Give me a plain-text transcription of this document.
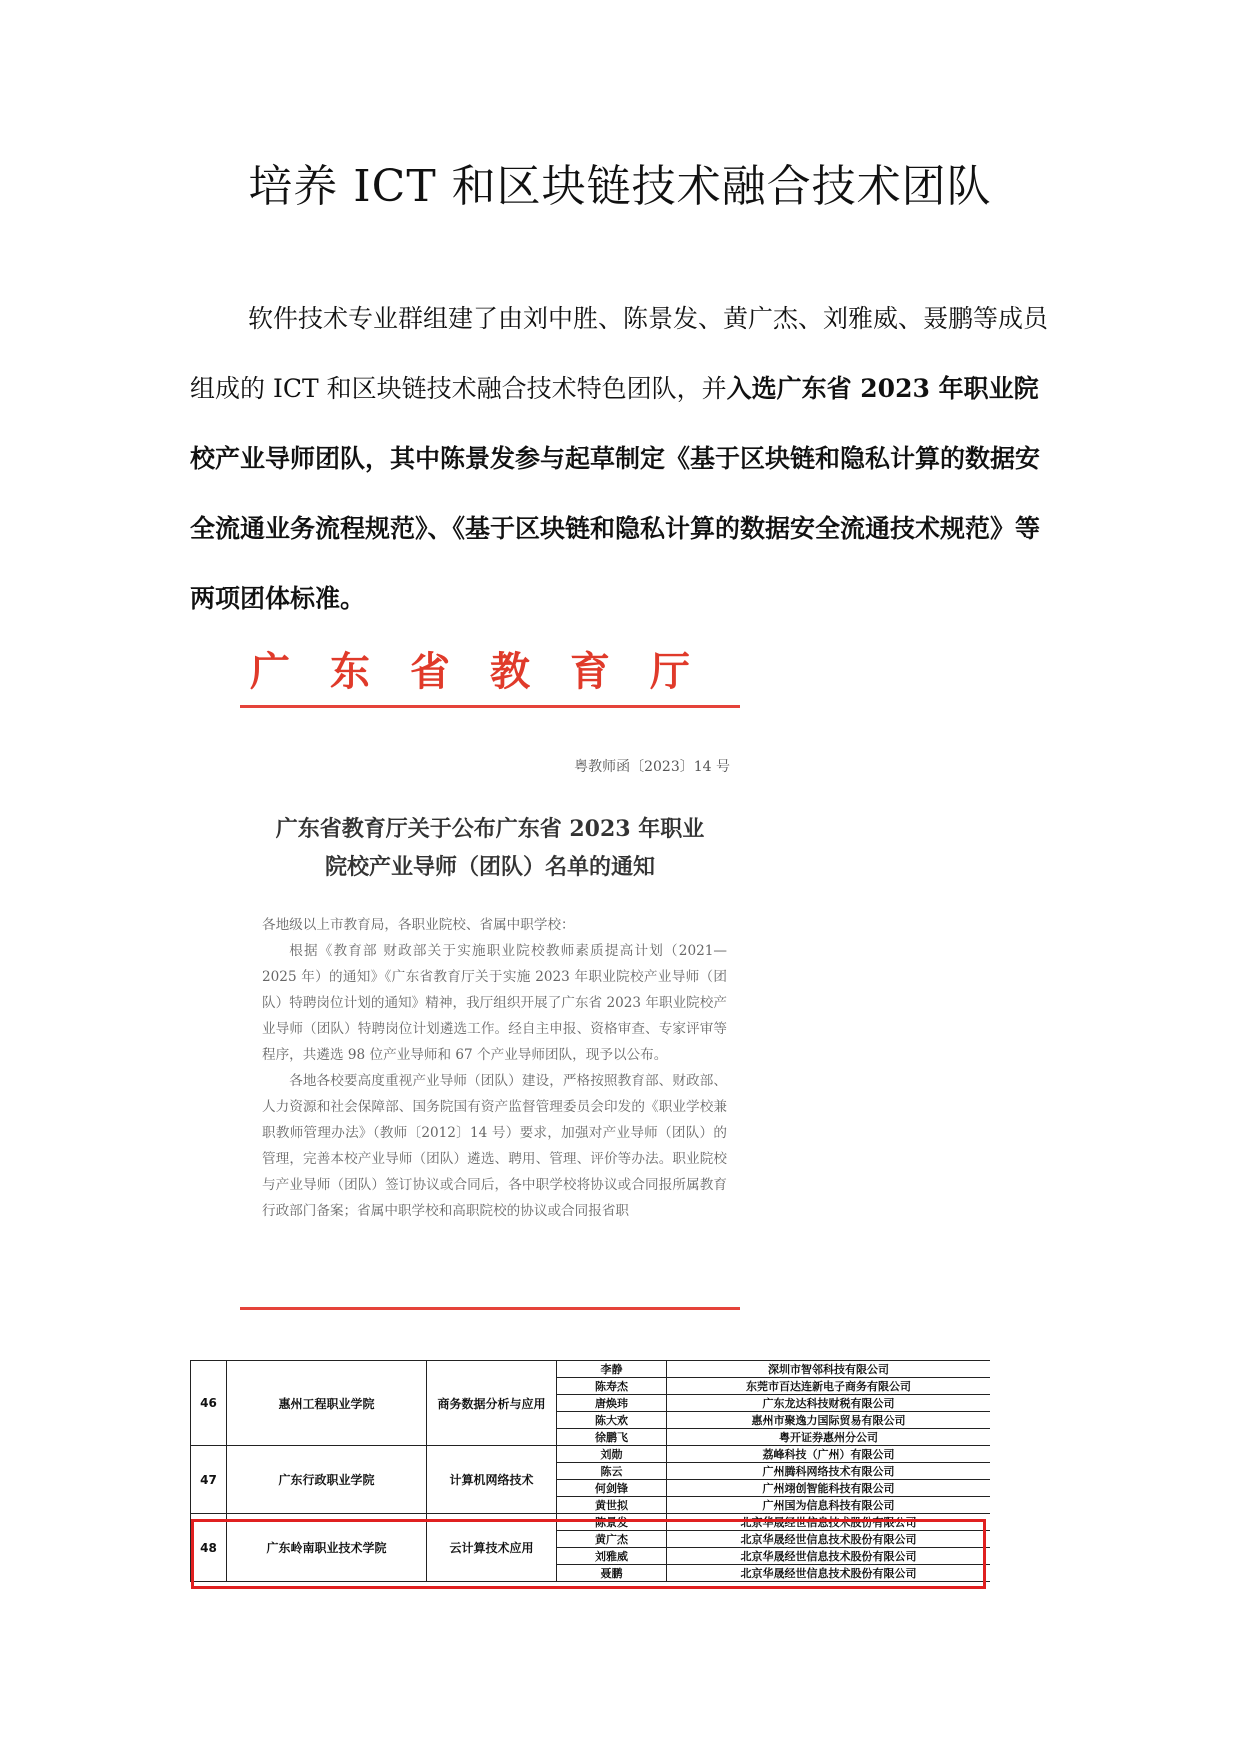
培养 ICT 和区块链技术融合技术团队

软件技术专业群组建了由刘中胜、陈景发、黄广杰、刘雅威、聂鹏等成员组成的 ICT 和区块链技术融合技术特色团队，并入选广东省 2023 年职业院校产业导师团队，其中陈景发参与起草制定《基于区块链和隐私计算的数据安全流通业务流程规范》、《基于区块链和隐私计算的数据安全流通技术规范》等两项团体标准。

广东省教育厅
粤教师函〔2023〕14 号
广东省教育厅关于公布广东省 2023 年职业
院校产业导师（团队）名单的通知

各地级以上市教育局，各职业院校、省属中职学校：

根据《教育部 财政部关于实施职业院校教师素质提高计划（2021—2025 年）的通知》《广东省教育厅关于实施 2023 年职业院校产业导师（团队）特聘岗位计划的通知》精神，我厅组织开展了广东省 2023 年职业院校产业导师（团队）特聘岗位计划遴选工作。经自主申报、资格审查、专家评审等程序，共遴选 98 位产业导师和 67 个产业导师团队，现予以公布。

各地各校要高度重视产业导师（团队）建设，严格按照教育部、财政部、人力资源和社会保障部、国务院国有资产监督管理委员会印发的《职业学校兼职教师管理办法》（教师〔2012〕14 号）要求，加强对产业导师（团队）的管理，完善本校产业导师（团队）遴选、聘用、管理、评价等办法。职业院校与产业导师（团队）签订协议或合同后，各中职学校将协议或合同报所属教育行政部门备案；省属中职学校和高职院校的协议或合同报省职

46	惠州工程职业学院	商务数据分析与应用	李静	深圳市智邻科技有限公司
			陈寿杰	东莞市百达连新电子商务有限公司
			唐焕玮	广东龙达科技财税有限公司
			陈大欢	惠州市聚逸力国际贸易有限公司
			徐鹏飞	粤开证券惠州分公司
47	广东行政职业学院	计算机网络技术	刘勋	荔峰科技（广州）有限公司
			陈云	广州腾科网络技术有限公司
			何剑锋	广州翊创智能科技有限公司
			黄世拟	广州国为信息科技有限公司
48	广东岭南职业技术学院	云计算技术应用	陈景发	北京华晟经世信息技术股份有限公司
			黄广杰	北京华晟经世信息技术股份有限公司
			刘雅威	北京华晟经世信息技术股份有限公司
			聂鹏	北京华晟经世信息技术股份有限公司
